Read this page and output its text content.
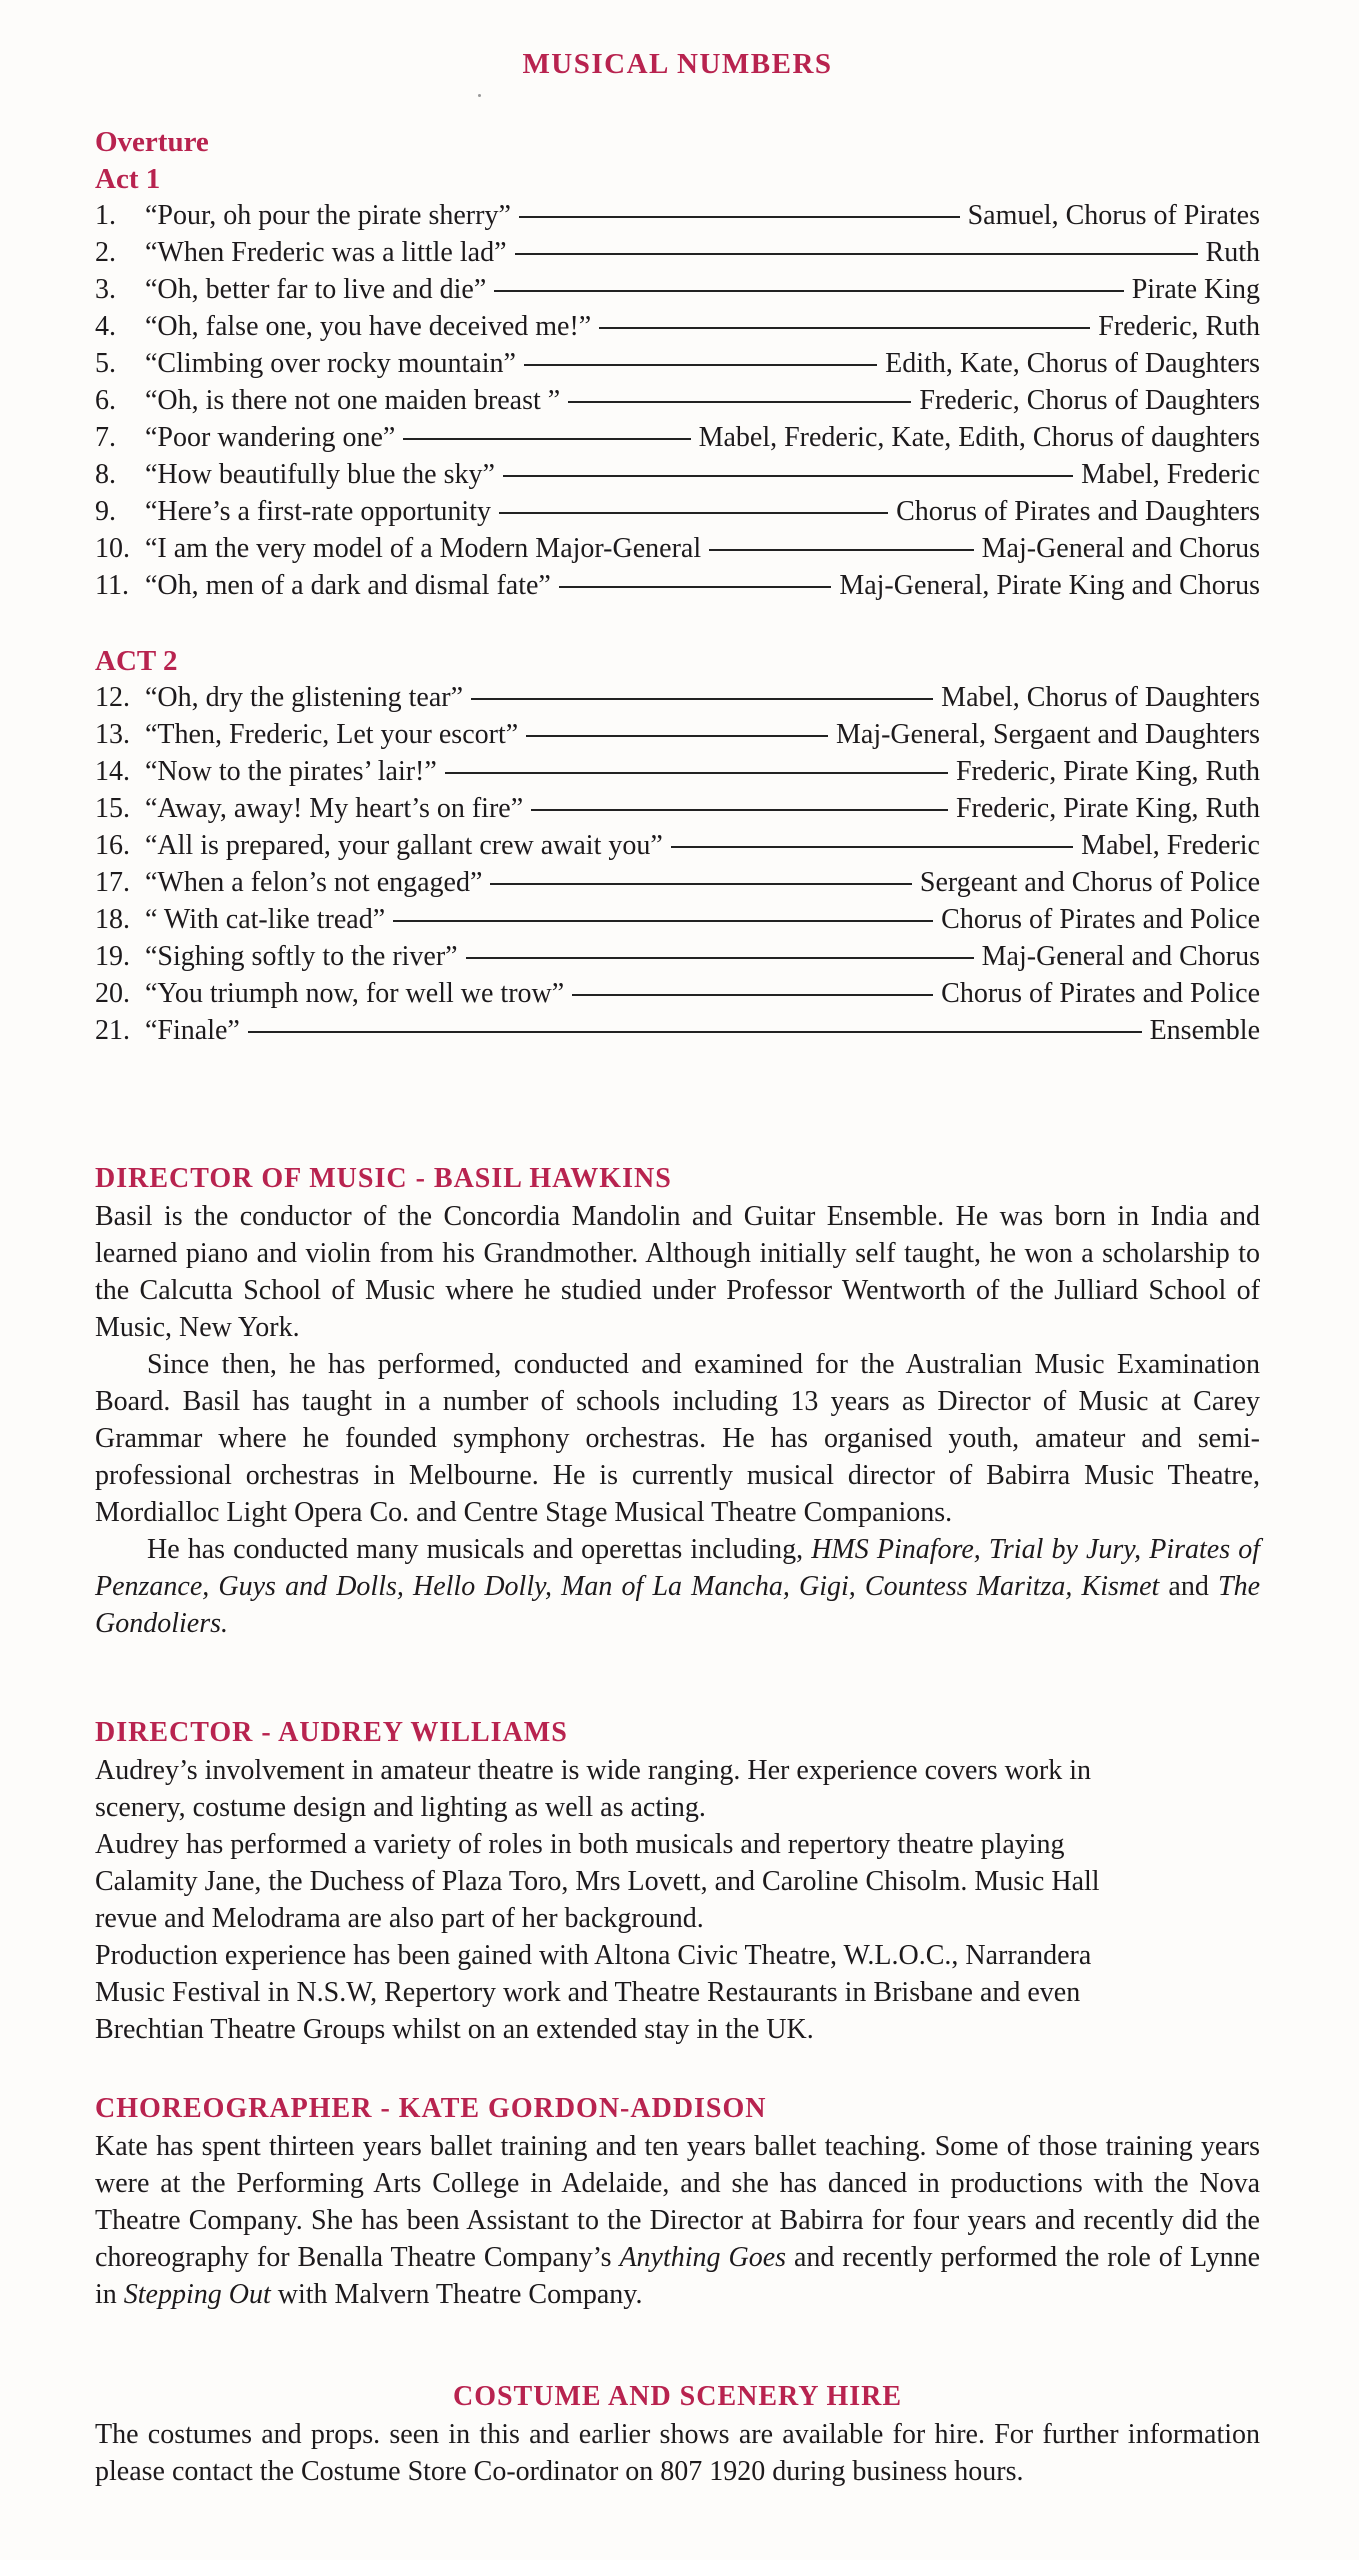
MUSICAL NUMBERS
Overture
Act 1
1.	“Pour, oh pour the pirate sherry”	Samuel, Chorus of Pirates
2.	“When Frederic was a little lad”	Ruth
3.	“Oh, better far to live and die”	Pirate King
4.	“Oh, false one, you have deceived me!”	Frederic, Ruth
5.	“Climbing over rocky mountain”	Edith, Kate, Chorus of Daughters
6.	“Oh, is there not one maiden breast ”	Frederic, Chorus of Daughters
7.	“Poor wandering one”	Mabel, Frederic, Kate, Edith, Chorus of daughters
8.	“How beautifully blue the sky”	Mabel, Frederic
9.	“Here’s a first-rate opportunity	Chorus of Pirates and Daughters
10. “I am the very model of a Modern Major-General	Maj-General and Chorus
11. “Oh, men of a dark and dismal fate”	Maj-General, Pirate King and Chorus
ACT 2
12. “Oh, dry the glistening tear”	Mabel, Chorus of Daughters
13. “Then, Frederic, Let your escort”	Maj-General, Sergaent and Daughters
14. “Now to the pirates’ lair!”	Frederic, Pirate King, Ruth
15. “Away, away! My heart’s on fire”	Frederic, Pirate King, Ruth
16. “All is prepared, your gallant crew await you”	Mabel, Frederic
17. “When a felon’s not engaged”	Sergeant and Chorus of Police
18. “ With cat-like tread”	Chorus of Pirates and Police
19. “Sighing softly to the river”	Maj-General and Chorus
20. “You triumph now, for well we trow”	Chorus of Pirates and Police
21. “Finale”	Ensemble
DIRECTOR OF MUSIC - BASIL HAWKINS

Basil is the conductor of the Concordia Mandolin and Guitar Ensemble. He was born in India and learned piano and violin from his Grandmother. Although initially self taught, he won a scholarship to the Calcutta School of Music where he studied under Professor Wentworth of the Julliard School of Music, New York.

Since then, he has performed, conducted and examined for the Australian Music Examination Board. Basil has taught in a number of schools including 13 years as Director of Music at Carey Grammar where he founded symphony orchestras. He has organised youth, amateur and semi-professional orchestras in Melbourne. He is currently musical director of Babirra Music Theatre, Mordialloc Light Opera Co. and Centre Stage Musical Theatre Companions.

He has conducted many musicals and operettas including, HMS Pinafore, Trial by Jury, Pirates of Penzance, Guys and Dolls, Hello Dolly, Man of La Mancha, Gigi, Countess Maritza, Kismet and The Gondoliers.

DIRECTOR - AUDREY WILLIAMS

Audrey’s involvement in amateur theatre is wide ranging. Her experience covers work in

scenery, costume design and lighting as well as acting.

Audrey has performed a variety of roles in both musicals and repertory theatre playing

Calamity Jane, the Duchess of Plaza Toro, Mrs Lovett, and Caroline Chisolm. Music Hall

revue and Melodrama are also part of her background.

Production experience has been gained with Altona Civic Theatre, W.L.O.C., Narrandera

Music Festival in N.S.W, Repertory work and Theatre Restaurants in Brisbane and even

Brechtian Theatre Groups whilst on an extended stay in the UK.

CHOREOGRAPHER - KATE GORDON-ADDISON

Kate has spent thirteen years ballet training and ten years ballet teaching. Some of those training years were at the Performing Arts College in Adelaide, and she has danced in productions with the Nova Theatre Company. She has been Assistant to the Director at Babirra for four years and recently did the choreography for Benalla Theatre Company’s Anything Goes and recently performed the role of Lynne in Stepping Out with Malvern Theatre Company.

COSTUME AND SCENERY HIRE
The costumes and props. seen in this and earlier shows are available for hire. For further information please contact the Costume Store Co-ordinator on 807 1920 during business hours.
